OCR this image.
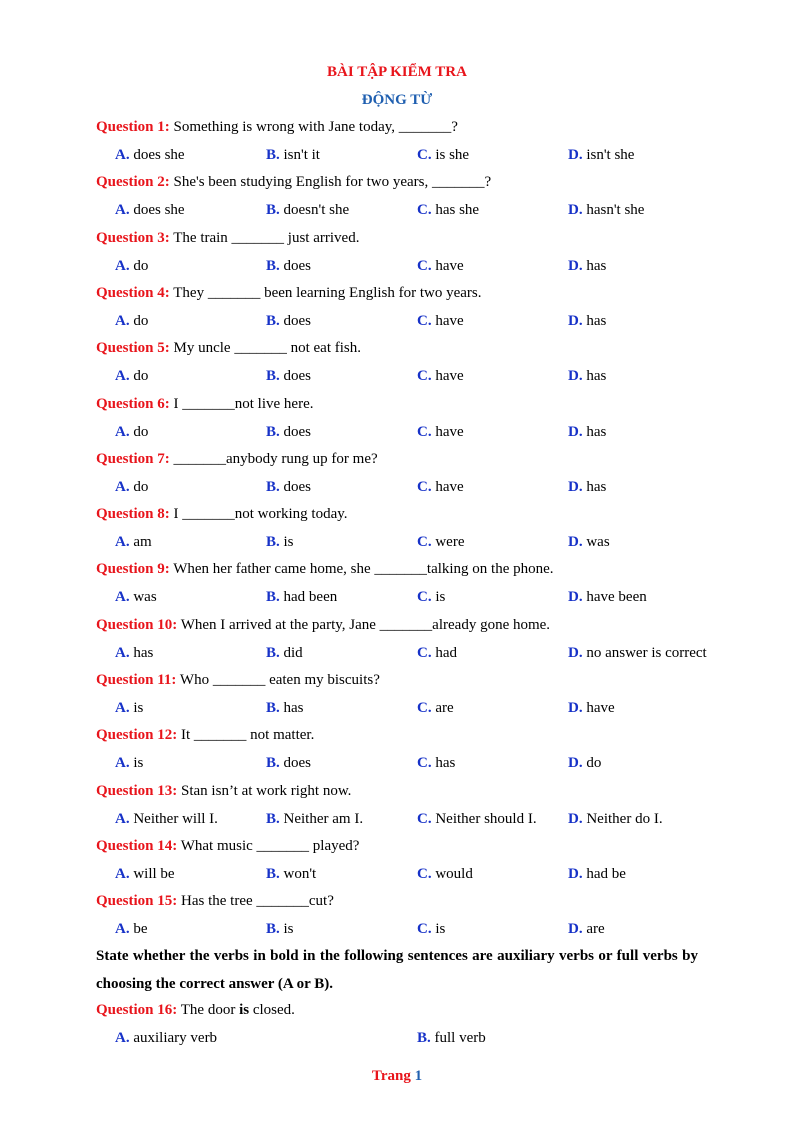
BÀI TẬP KIỂM TRA
ĐỘNG TỪ
Question 1: Something is wrong with Jane today, _______?
A. does she	B. isn't it	C. is she	D. isn't she
Question 2: She's been studying English for two years, _______?
A. does she	B. doesn't she	C. has she	D. hasn't she
Question 3: The train _______ just arrived.
A. do	B. does	C. have	D. has
Question 4: They _______ been learning English for two years.
A. do	B. does	C. have	D. has
Question 5: My uncle _______ not eat fish.
A. do	B. does	C. have	D. has
Question 6: I _______not live here.
A. do	B. does	C. have	D. has
Question 7: _______anybody rung up for me?
A. do	B. does	C. have	D. has
Question 8: I _______not working today.
A. am	B. is	C. were	D. was
Question 9: When her father came home, she _______talking on the phone.
A. was	B. had been	C. is	D. have been
Question 10: When I arrived at the party, Jane _______already gone home.
A. has	B. did	C. had	D. no answer is correct
Question 11: Who _______ eaten my biscuits?
A. is	B. has	C. are	D. have
Question 12: It _______ not matter.
A. is	B. does	C. has	D. do
Question 13: Stan isn’t at work right now.
A. Neither will I.	B. Neither am I.	C. Neither should I. D. Neither do I.
Question 14: What music _______ played?
A. will be	B. won't	C. would	D. had be
Question 15: Has the tree _______cut?
A. be	B. is	C. is	D. are
State whether the verbs in bold in the following sentences are auxiliary verbs or full verbs by choosing the correct answer (A or B).
Question 16: The door is closed.
A. auxiliary verb	B. full verb
Trang 1
